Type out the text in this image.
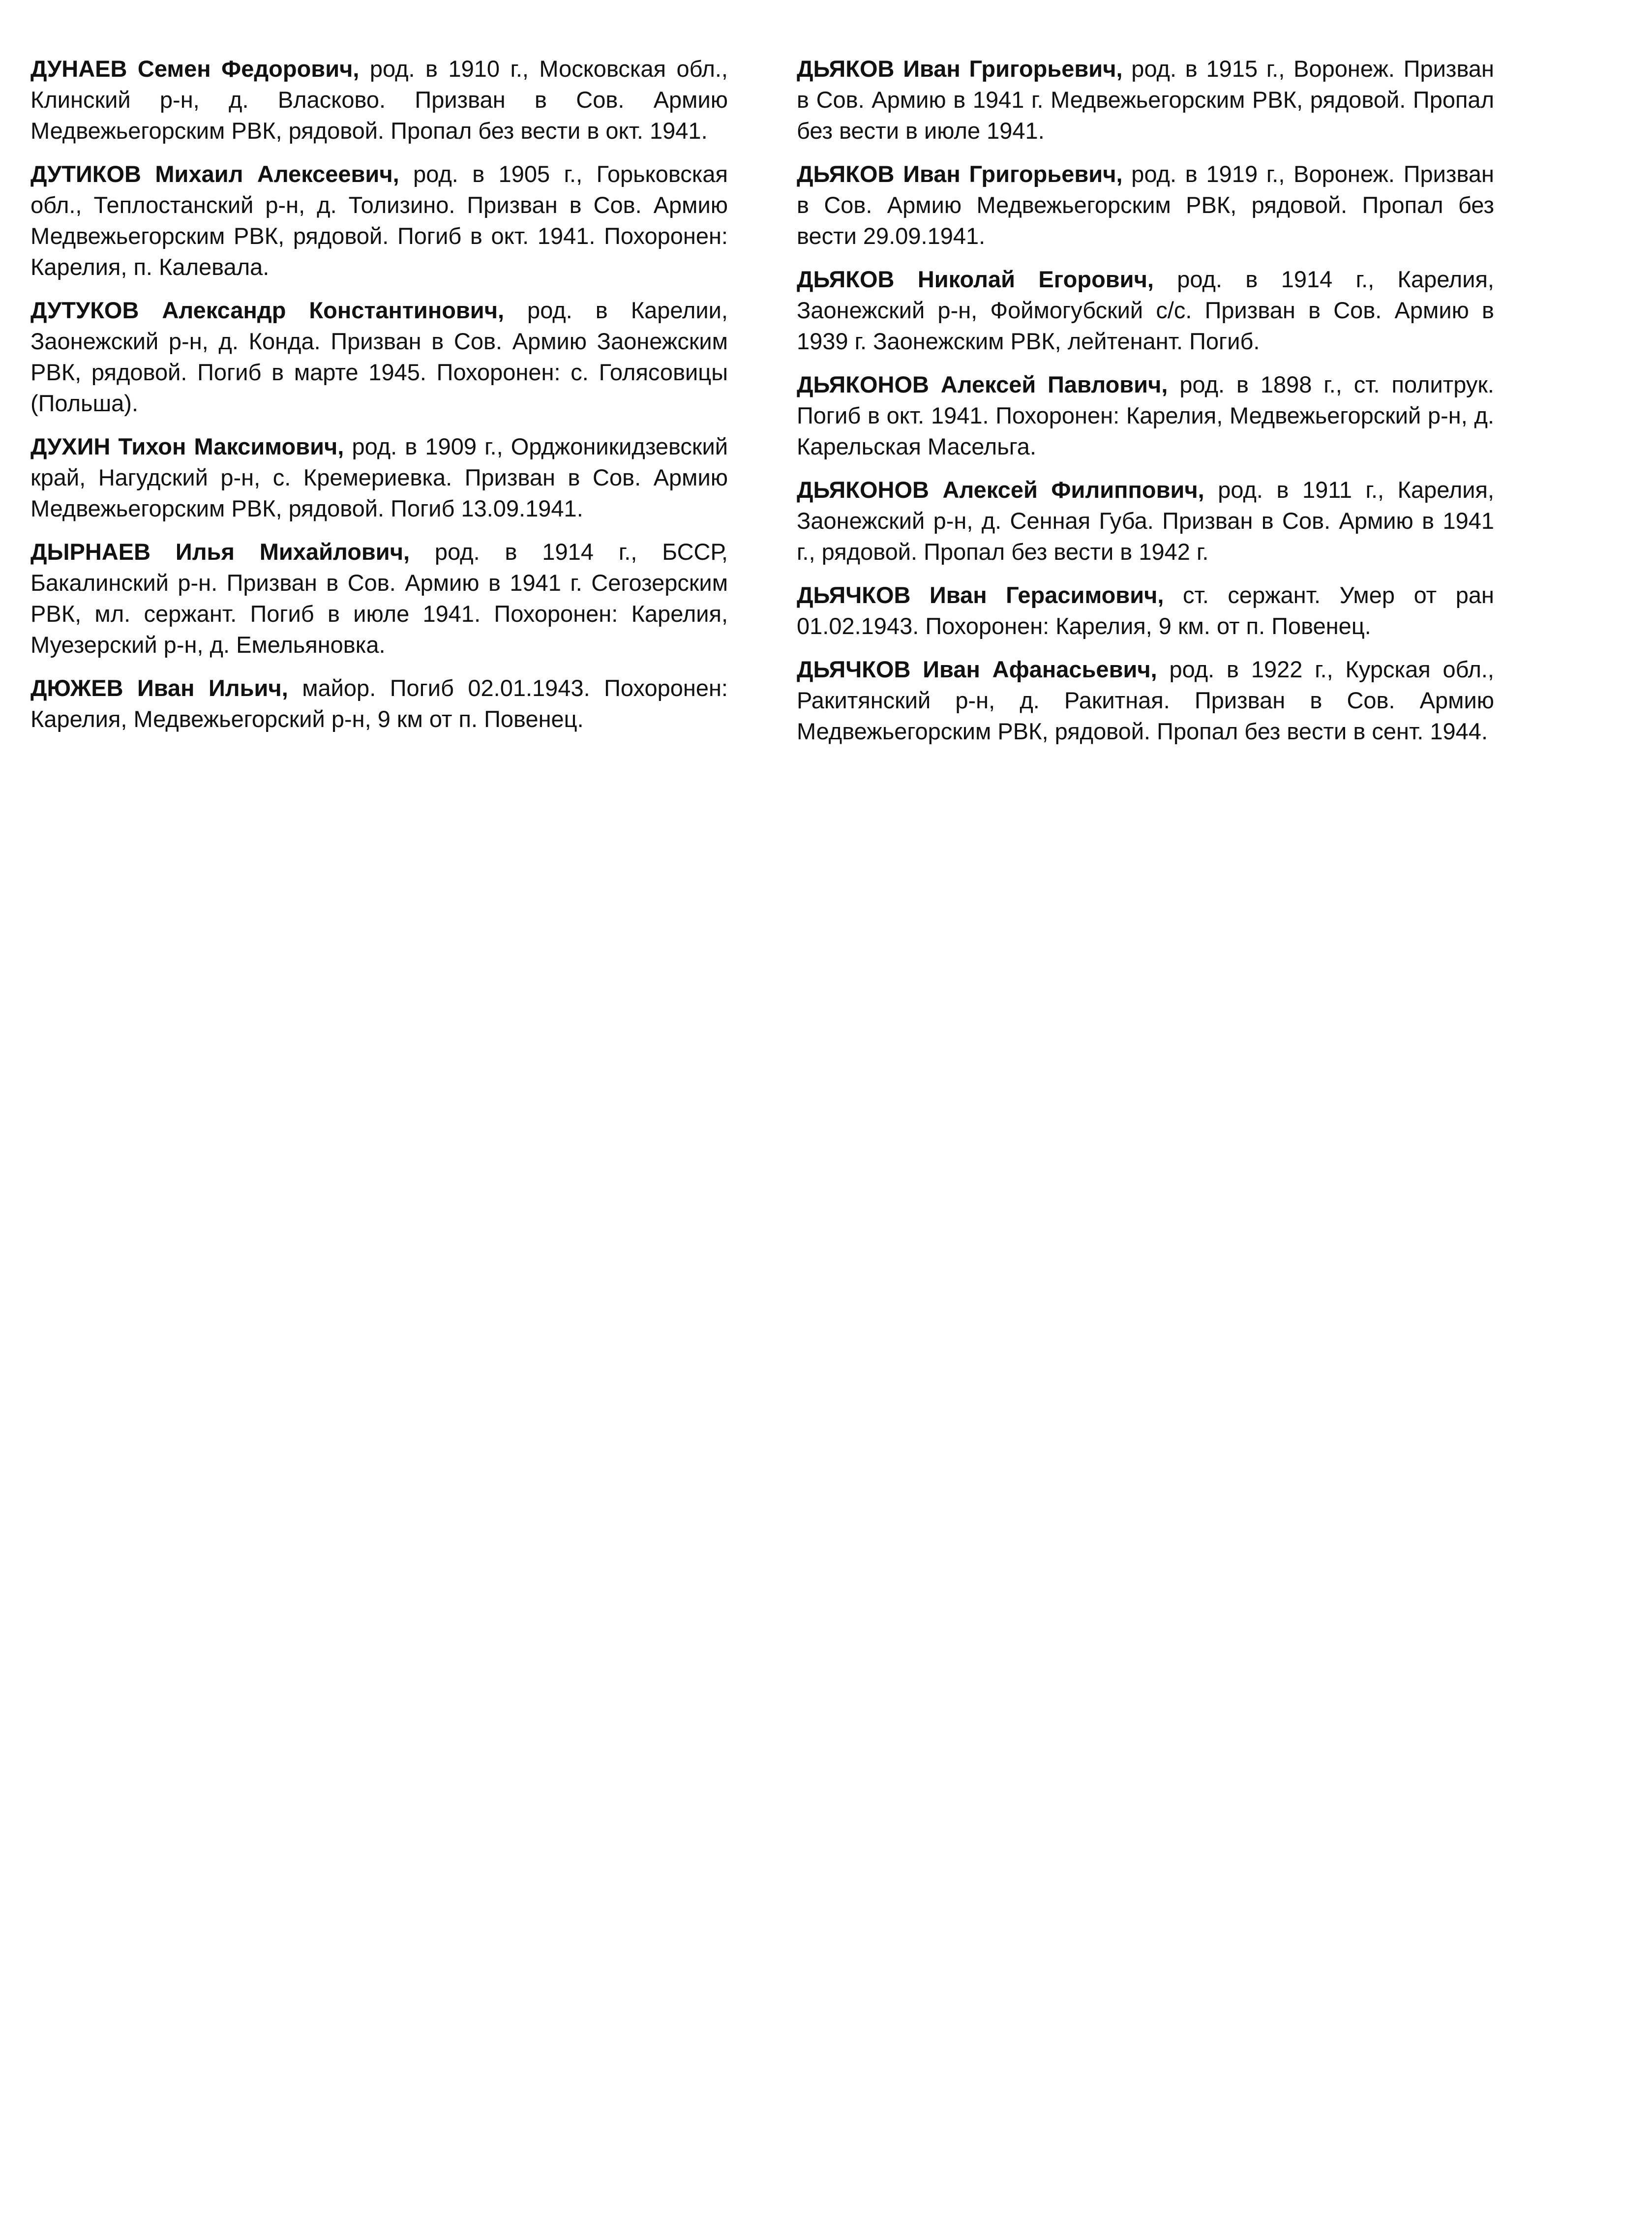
ДУНАЕВ Семен Федорович, род. в 1910 г., Московская обл., Клинский р-н, д. Власково. Призван в Сов. Армию Медвежьегорским РВК, рядовой. Пропал без вести в окт. 1941.

ДУТИКОВ Михаил Алексеевич, род. в 1905 г., Горьковская обл., Теплостанский р-н, д. Толизино. Призван в Сов. Армию Медвежьегорским РВК, рядовой. Погиб в окт. 1941. Похоронен: Карелия, п. Калевала.

ДУТУКОВ Александр Константинович, род. в Карелии, Заонежский р-н, д. Конда. Призван в Сов. Армию Заонежским РВК, рядовой. Погиб в марте 1945. Похоронен: с. Голясовицы (Польша).

ДУХИН Тихон Максимович, род. в 1909 г., Орджоникидзевский край, Нагудский р-н, с. Кремериевка. Призван в Сов. Армию Медвежьегорским РВК, рядовой. Погиб 13.09.1941.

ДЫРНАЕВ Илья Михайлович, род. в 1914 г., БССР, Бакалинский р-н. Призван в Сов. Армию в 1941 г. Сегозерским РВК, мл. сержант. Погиб в июле 1941. Похоронен: Карелия, Муезерский р-н, д. Емельяновка.

ДЮЖЕВ Иван Ильич, майор. Погиб 02.01.1943. Похоронен: Карелия, Медвежьегорский р-н, 9 км от п. Повенец.

ДЬЯКОВ Иван Григорьевич, род. в 1915 г., Воронеж. Призван в Сов. Армию в 1941 г. Медвежьегорским РВК, рядовой. Пропал без вести в июле 1941.

ДЬЯКОВ Иван Григорьевич, род. в 1919 г., Воронеж. Призван в Сов. Армию Медвежьегорским РВК, рядовой. Пропал без вести 29.09.1941.

ДЬЯКОВ Николай Егорович, род. в 1914 г., Карелия, Заонежский р-н, Фоймогубский с/с. Призван в Сов. Армию в 1939 г. Заонежским РВК, лейтенант. Погиб.

ДЬЯКОНОВ Алексей Павлович, род. в 1898 г., ст. политрук. Погиб в окт. 1941. Похоронен: Карелия, Медвежьегорский р-н, д. Карельская Масельга.

ДЬЯКОНОВ Алексей Филиппович, род. в 1911 г., Карелия, Заонежский р-н, д. Сенная Губа. Призван в Сов. Армию в 1941 г., рядовой. Пропал без вести в 1942 г.

ДЬЯЧКОВ Иван Герасимович, ст. сержант. Умер от ран 01.02.1943. Похоронен: Карелия, 9 км. от п. Повенец.

ДЬЯЧКОВ Иван Афанасьевич, род. в 1922 г., Курская обл., Ракитянский р-н, д. Ракитная. Призван в Сов. Армию Медвежьегорским РВК, рядовой. Пропал без вести в сент. 1944.
